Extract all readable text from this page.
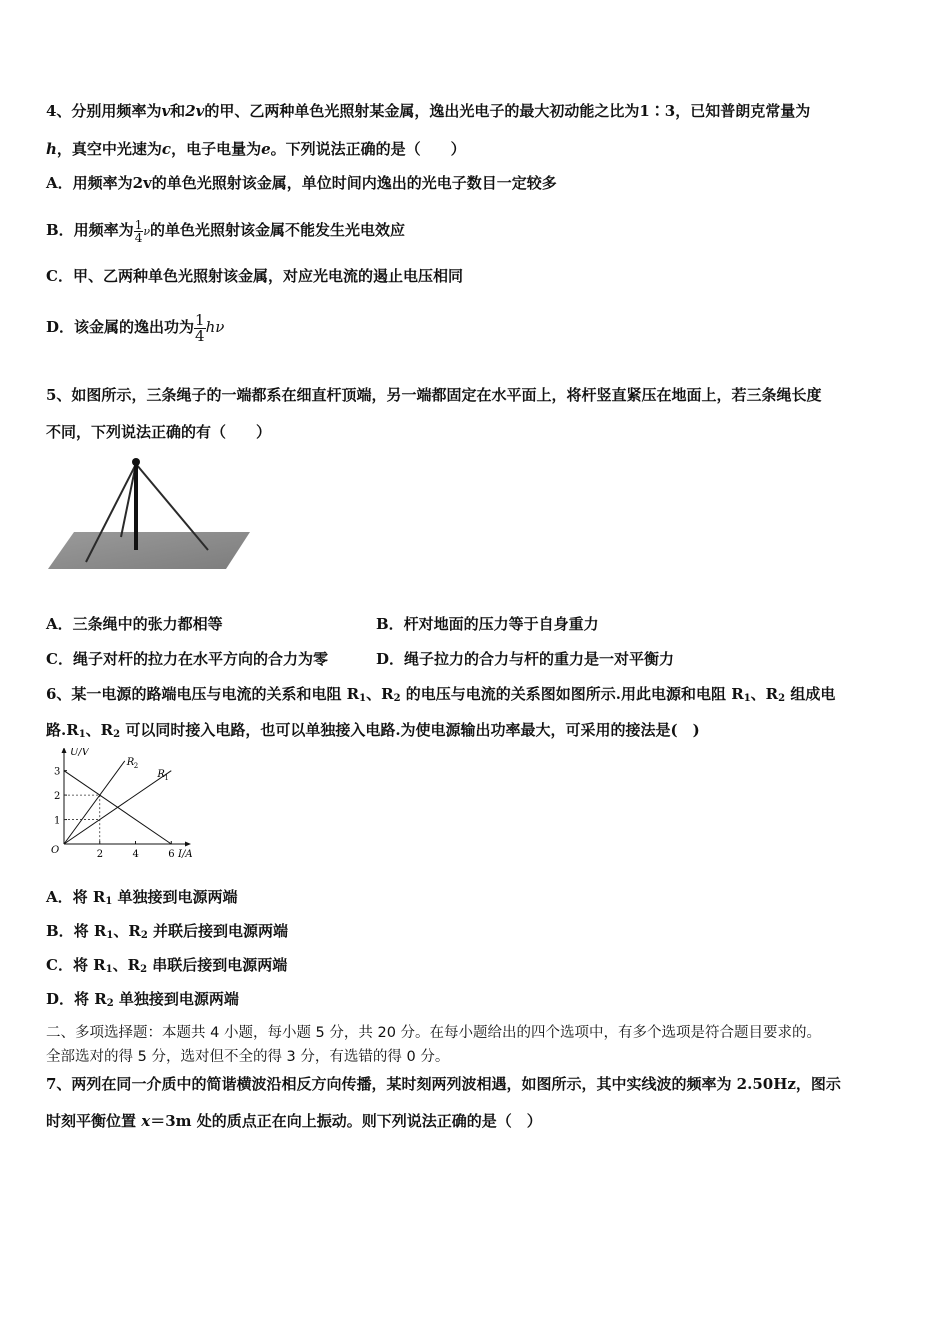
4、分别用频率为v和2v的甲、乙两种单色光照射某金属，逸出光电子的最大初动能之比为1∶3，已知普朗克常量为
h，真空中光速为c，电子电量为e。下列说法正确的是（　　）
A．用频率为2v的单色光照射该金属，单位时间内逸出的光电子数目一定较多
B．用频率为 $\frac{1}{4}$ ν的单色光照射该金属不能发生光电效应
C．甲、乙两种单色光照射该金属，对应光电流的遏止电压相同
D．该金属的逸出功为 $\frac{1}{4}$ hν
5、如图所示，三条绳子的一端都系在细直杆顶端，另一端都固定在水平面上，将杆竖直紧压在地面上，若三条绳长度
不同，下列说法正确的有（　　）
A．三条绳中的张力都相等	B．杆对地面的压力等于自身重力
C．绳子对杆的拉力在水平方向的合力为零	D．绳子拉力的合力与杆的重力是一对平衡力
6、某一电源的路端电压与电流的关系和电阻 $R_1$、$R_2$ 的电压与电流的关系图如图所示.用此电源和电阻 $R_1$、$R_2$ 组成电
路$.R_1$、$R_2$ 可以同时接入电路，也可以单独接入电路.为使电源输出功率最大，可采用的接法是(　)
U/V
I/A
O	2	4	6
1
2
3
R 2
R 1
A．将 $R_1$ 单独接到电源两端
B．将 $R_1$、$R_2$ 并联后接到电源两端
C．将 $R_1$、$R_2$ 串联后接到电源两端
D．将 $R_2$ 单独接到电源两端
二、多项选择题：本题共 4 小题，每小题 5 分，共 20 分。在每小题给出的四个选项中，有多个选项是符合题目要求的。
全部选对的得 5 分，选对但不全的得 3 分，有选错的得 0 分。
7、两列在同一介质中的简谐横波沿相反方向传播，某时刻两列波相遇，如图所示，其中实线波的频率为 2.50Hz，图示
时刻平衡位置 x＝3m 处的质点正在向上振动。则下列说法正确的是（　）
